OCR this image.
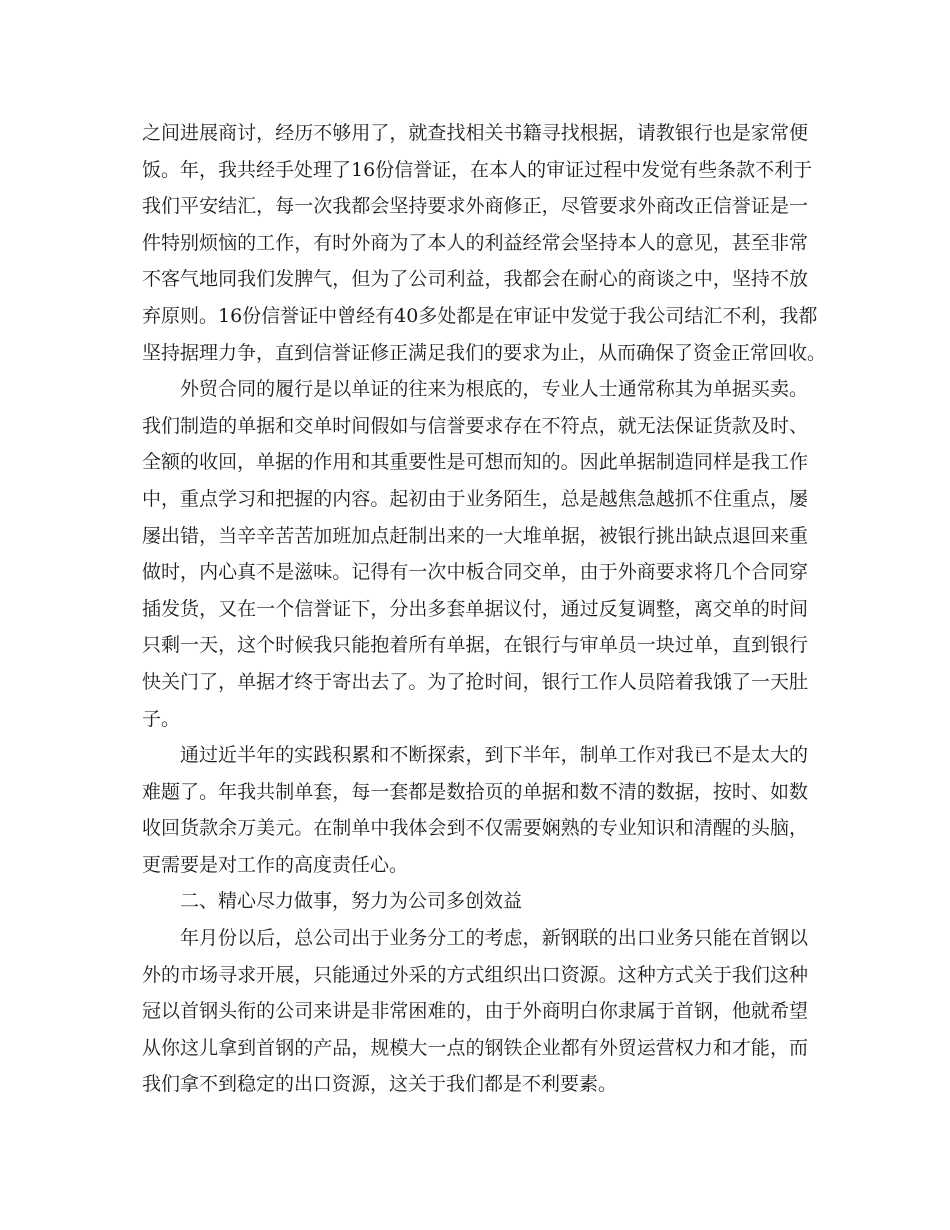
之间进展商讨，经历不够用了，就查找相关书籍寻找根据，请教银行也是家常便
饭。年，我共经手处理了16份信誉证，在本人的审证过程中发觉有些条款不利于
我们平安结汇，每一次我都会坚持要求外商修正，尽管要求外商改正信誉证是一
件特别烦恼的工作，有时外商为了本人的利益经常会坚持本人的意见，甚至非常
不客气地同我们发脾气，但为了公司利益，我都会在耐心的商谈之中，坚持不放
弃原则。16份信誉证中曾经有40多处都是在审证中发觉于我公司结汇不利，我都
坚持据理力争，直到信誉证修正满足我们的要求为止，从而确保了资金正常回收。
外贸合同的履行是以单证的往来为根底的，专业人士通常称其为单据买卖。
我们制造的单据和交单时间假如与信誉要求存在不符点，就无法保证货款及时、
全额的收回，单据的作用和其重要性是可想而知的。因此单据制造同样是我工作
中，重点学习和把握的内容。起初由于业务陌生，总是越焦急越抓不住重点，屡
屡出错，当辛辛苦苦加班加点赶制出来的一大堆单据，被银行挑出缺点退回来重
做时，内心真不是滋味。记得有一次中板合同交单，由于外商要求将几个合同穿
插发货，又在一个信誉证下，分出多套单据议付，通过反复调整，离交单的时间
只剩一天，这个时候我只能抱着所有单据，在银行与审单员一块过单，直到银行
快关门了，单据才终于寄出去了。为了抢时间，银行工作人员陪着我饿了一天肚
子。
通过近半年的实践积累和不断探索，到下半年，制单工作对我已不是太大的
难题了。年我共制单套，每一套都是数拾页的单据和数不清的数据，按时、如数
收回货款余万美元。在制单中我体会到不仅需要娴熟的专业知识和清醒的头脑，
更需要是对工作的高度责任心。
二、精心尽力做事，努力为公司多创效益
年月份以后，总公司出于业务分工的考虑，新钢联的出口业务只能在首钢以
外的市场寻求开展，只能通过外采的方式组织出口资源。这种方式关于我们这种
冠以首钢头衔的公司来讲是非常困难的，由于外商明白你隶属于首钢，他就希望
从你这儿拿到首钢的产品，规模大一点的钢铁企业都有外贸运营权力和才能，而
我们拿不到稳定的出口资源，这关于我们都是不利要素。
